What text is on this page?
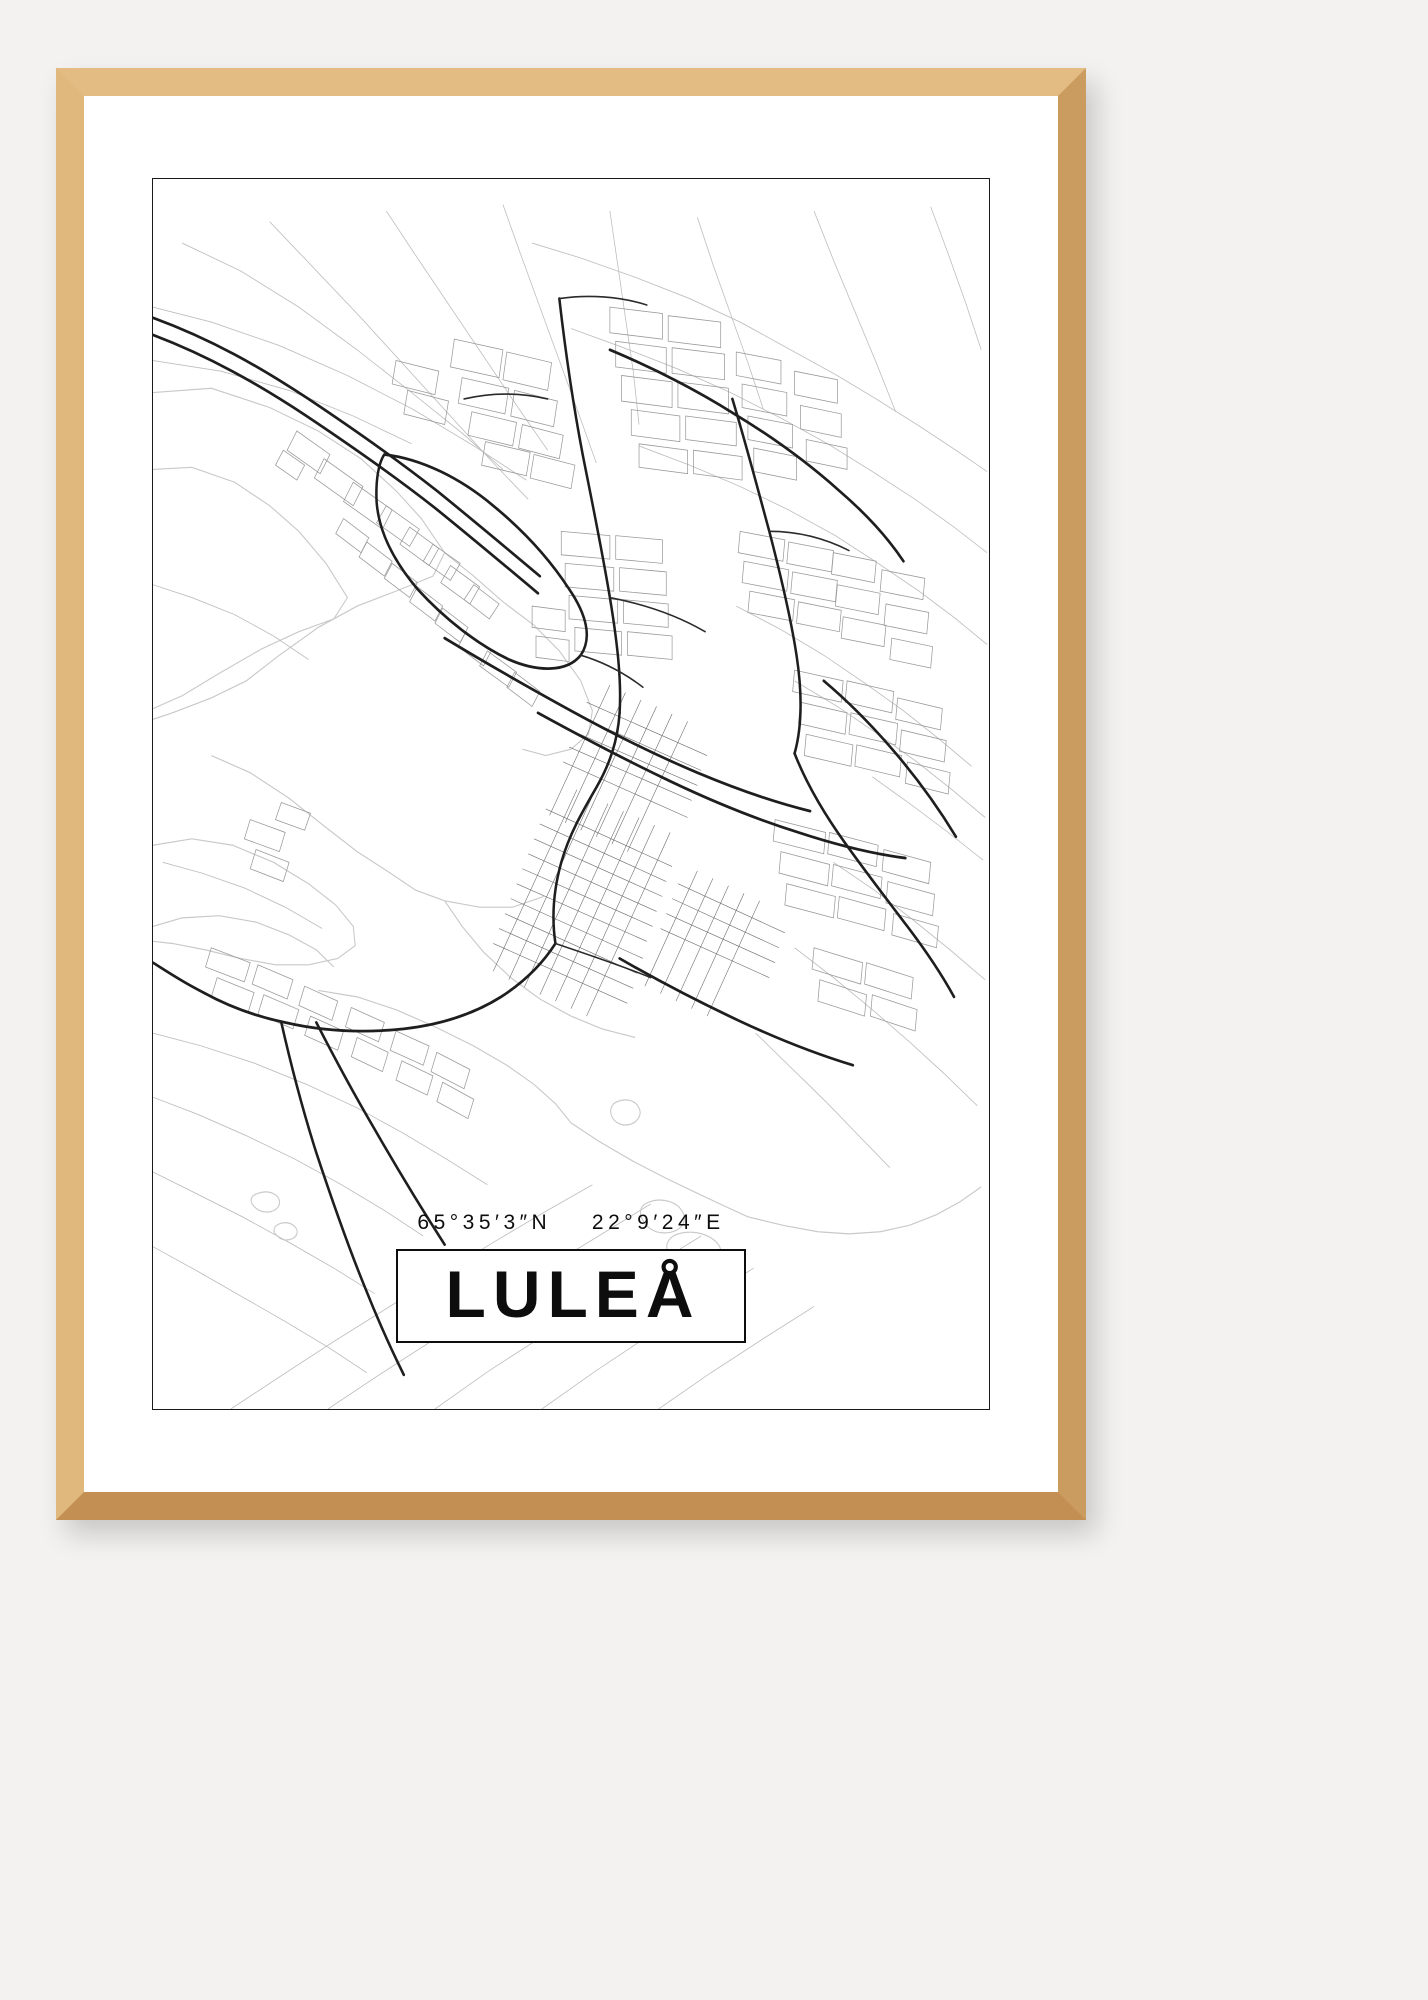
65°35′3″N 22°9′24″E
LULEÅ
